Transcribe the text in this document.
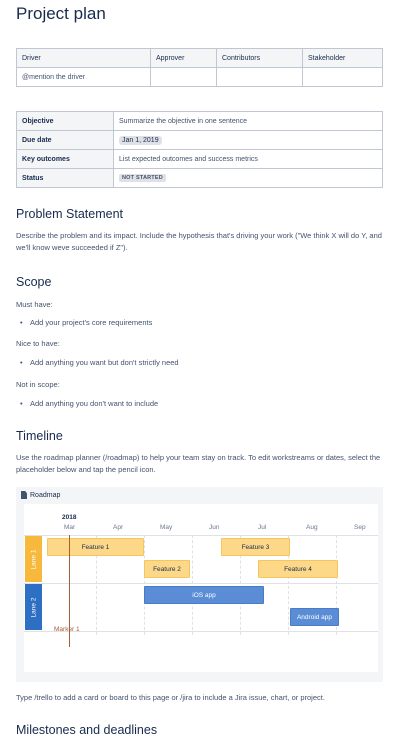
Project plan
Driver	Approver	Contributors	Stakeholder
@mention the driver			
Objective	Summarize the objective in one sentence
Due date	Jan 1, 2019
Key outcomes	List expected outcomes and success metrics
Status	NOT STARTED
Problem Statement

Describe the problem and its impact. Include the hypothesis that's driving your work ("We think X will do Y, and we'll know weve succeeded if Z").

Scope

Must have:

• Add your project's core requirements

Nice to have:

• Add anything you want but don't strictly need

Not in scope:

• Add anything you don't want to include
Timeline

Use the roadmap planner (/roadmap) to help your team stay on track. To edit workstreams or dates, select the placeholder below and tap the pencil icon.

Roadmap
2018
Mar	Apr	May	Jun	Jul	Aug	Sep
Lane 1
Lane 2
Feature 1
Feature 2
Feature 3
Feature 4
iOS app
Android app
Marker 1

Type /trello to add a card or board to this page or /jira to include a Jira issue, chart, or project.

Milestones and deadlines
